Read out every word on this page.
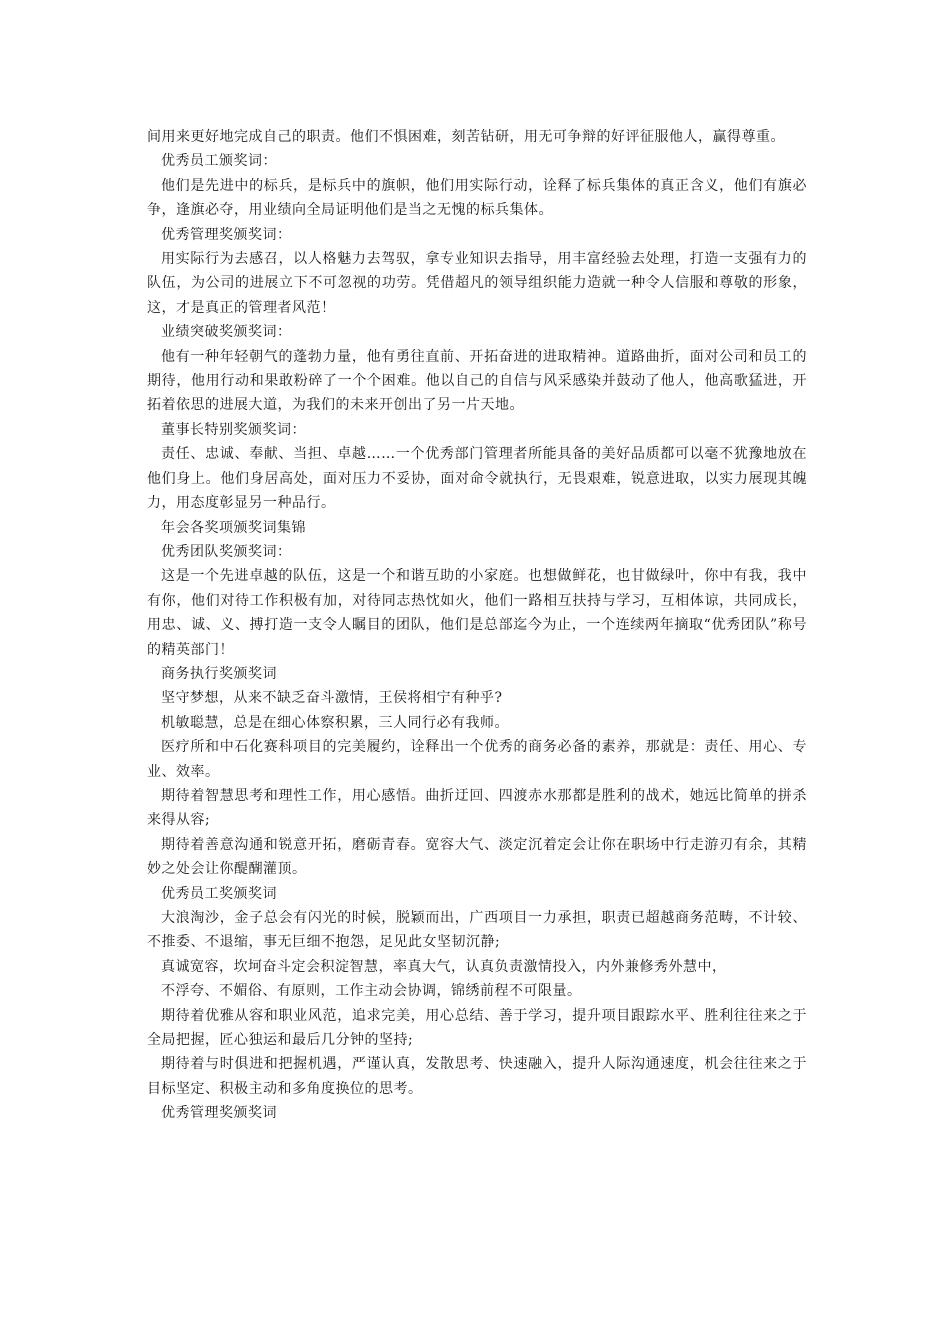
间用来更好地完成自己的职责。他们不惧困难，刻苦钻研，用无可争辩的好评征服他人，赢得尊重。

优秀员工颁奖词：

他们是先进中的标兵，是标兵中的旗帜，他们用实际行动，诠释了标兵集体的真正含义，他们有旗必争，逢旗必夺，用业绩向全局证明他们是当之无愧的标兵集体。

优秀管理奖颁奖词：

用实际行为去感召，以人格魅力去驾驭，拿专业知识去指导，用丰富经验去处理，打造一支强有力的队伍，为公司的进展立下不可忽视的功劳。凭借超凡的领导组织能力造就一种令人信服和尊敬的形象，这，才是真正的管理者风范！

业绩突破奖颁奖词：

他有一种年轻朝气的蓬勃力量，他有勇往直前、开拓奋进的进取精神。道路曲折，面对公司和员工的期待，他用行动和果敢粉碎了一个个困难。他以自己的自信与风采感染并鼓动了他人，他高歌猛进，开拓着依思的进展大道，为我们的未来开创出了另一片天地。

董事长特别奖颁奖词：

责任、忠诚、奉献、当担、卓越……一个优秀部门管理者所能具备的美好品质都可以毫不犹豫地放在他们身上。他们身居高处，面对压力不妥协，面对命令就执行，无畏艰难，锐意进取，以实力展现其魄力，用态度彰显另一种品行。

年会各奖项颁奖词集锦

优秀团队奖颁奖词：

这是一个先进卓越的队伍，这是一个和谐互助的小家庭。也想做鲜花，也甘做绿叶，你中有我，我中有你，他们对待工作积极有加，对待同志热忱如火，他们一路相互扶持与学习，互相体谅，共同成长，用忠、诚、义、搏打造一支令人瞩目的团队，他们是总部迄今为止，一个连续两年摘取“优秀团队”称号的精英部门！

商务执行奖颁奖词

坚守梦想，从来不缺乏奋斗激情，王侯将相宁有种乎?

机敏聪慧，总是在细心体察积累，三人同行必有我师。

医疗所和中石化赛科项目的完美履约，诠释出一个优秀的商务必备的素养，那就是：责任、用心、专业、效率。

期待着智慧思考和理性工作，用心感悟。曲折迂回、四渡赤水那都是胜利的战术，她远比简单的拼杀来得从容;

期待着善意沟通和锐意开拓，磨砺青春。宽容大气、淡定沉着定会让你在职场中行走游刃有余，其精妙之处会让你醍醐灌顶。

优秀员工奖颁奖词

大浪淘沙，金子总会有闪光的时候，脱颖而出，广西项目一力承担，职责已超越商务范畴，不计较、不推委、不退缩，事无巨细不抱怨，足见此女坚韧沉静;

真诚宽容，坎坷奋斗定会积淀智慧，率真大气，认真负责激情投入，内外兼修秀外慧中，

不浮夸、不媚俗、有原则，工作主动会协调，锦绣前程不可限量。

期待着优雅从容和职业风范，追求完美，用心总结、善于学习，提升项目跟踪水平、胜利往往来之于全局把握，匠心独运和最后几分钟的坚持;

期待着与时俱进和把握机遇，严谨认真，发散思考、快速融入，提升人际沟通速度，机会往往来之于目标坚定、积极主动和多角度换位的思考。

优秀管理奖颁奖词
